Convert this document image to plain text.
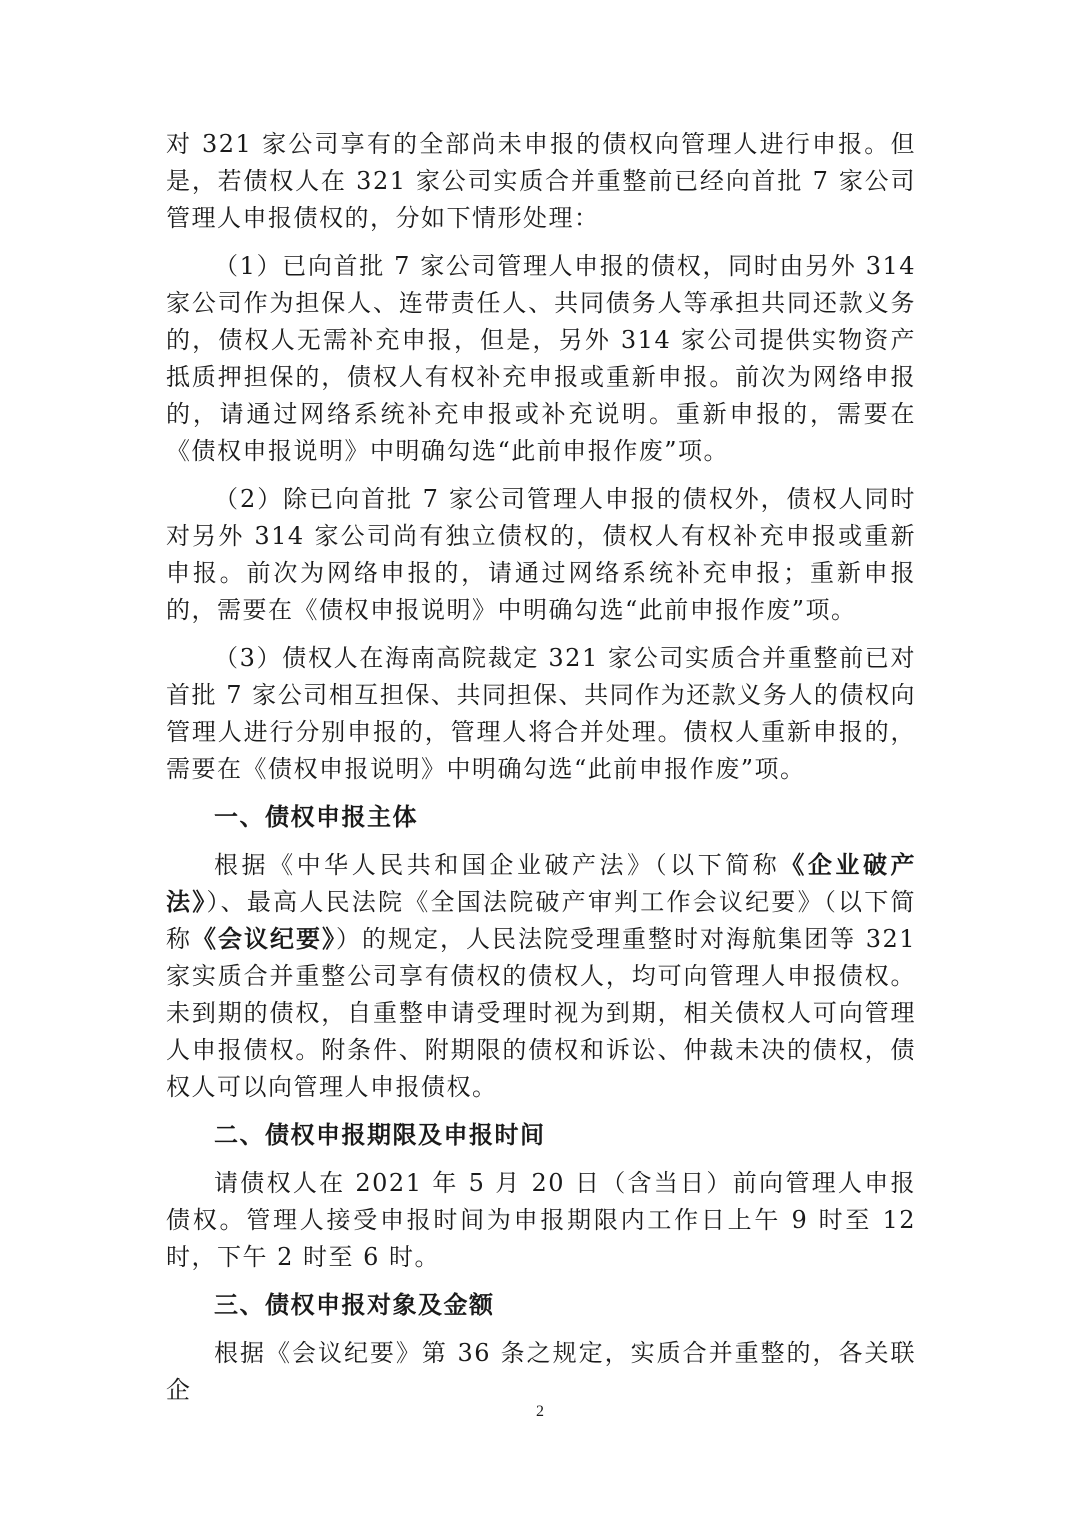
对 321 家公司享有的全部尚未申报的债权向管理人进行申报。但是，若债权人在 321 家公司实质合并重整前已经向首批 7 家公司管理人申报债权的，分如下情形处理：

（1）已向首批 7 家公司管理人申报的债权，同时由另外 314 家公司作为担保人、连带责任人、共同债务人等承担共同还款义务的，债权人无需补充申报，但是，另外 314 家公司提供实物资产抵质押担保的，债权人有权补充申报或重新申报。前次为网络申报的，请通过网络系统补充申报或补充说明。重新申报的，需要在《债权申报说明》中明确勾选“此前申报作废”项。

（2）除已向首批 7 家公司管理人申报的债权外，债权人同时对另外 314 家公司尚有独立债权的，债权人有权补充申报或重新申报。前次为网络申报的，请通过网络系统补充申报；重新申报的，需要在《债权申报说明》中明确勾选“此前申报作废”项。

（3）债权人在海南高院裁定 321 家公司实质合并重整前已对首批 7 家公司相互担保、共同担保、共同作为还款义务人的债权向管理人进行分别申报的，管理人将合并处理。债权人重新申报的，需要在《债权申报说明》中明确勾选“此前申报作废”项。

一、债权申报主体

根据《中华人民共和国企业破产法》（以下简称《企业破产法》）、最高人民法院《全国法院破产审判工作会议纪要》（以下简称《会议纪要》）的规定，人民法院受理重整时对海航集团等 321 家实质合并重整公司享有债权的债权人，均可向管理人申报债权。未到期的债权，自重整申请受理时视为到期，相关债权人可向管理人申报债权。附条件、附期限的债权和诉讼、仲裁未决的债权，债权人可以向管理人申报债权。

二、债权申报期限及申报时间

请债权人在 2021 年 5 月 20 日（含当日）前向管理人申报债权。管理人接受申报时间为申报期限内工作日上午 9 时至 12 时，下午 2 时至 6 时。

三、债权申报对象及金额

根据《会议纪要》第 36 条之规定，实质合并重整的，各关联企

2
